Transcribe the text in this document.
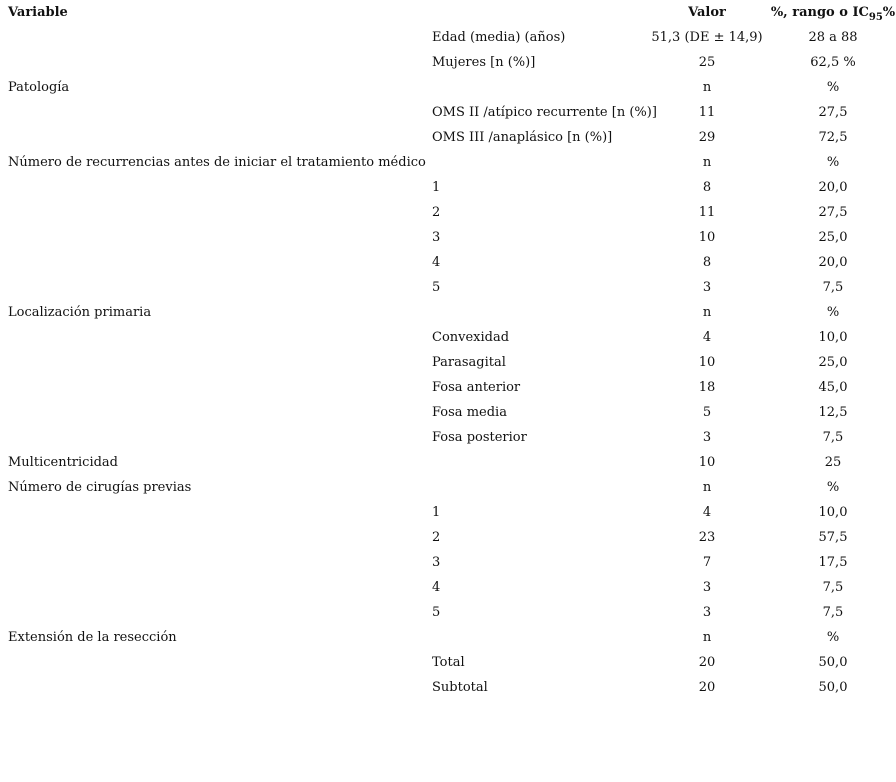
Variable		Valor	%, rango o $IC_{95}\%$
	Edad (media) (años)	51,3 (DE ± 14,9)	28 a 88
	Mujeres [n (%)]	25	62,5 %
Patología		n	%
	OMS II /atípico recurrente [n (%)]	11	27,5
	OMS III /anaplásico [n (%)]	29	72,5
Número de recurrencias antes de iniciar el tratamiento médico		n	%
	1	8	20,0
	2	11	27,5
	3	10	25,0
	4	8	20,0
	5	3	7,5
Localización primaria		n	%
	Convexidad	4	10,0
	Parasagital	10	25,0
	Fosa anterior	18	45,0
	Fosa media	5	12,5
	Fosa posterior	3	7,5
Multicentricidad		10	25
Número de cirugías previas		n	%
	1	4	10,0
	2	23	57,5
	3	7	17,5
	4	3	7,5
	5	3	7,5
Extensión de la resección		n	%
	Total	20	50,0
	Subtotal	20	50,0
